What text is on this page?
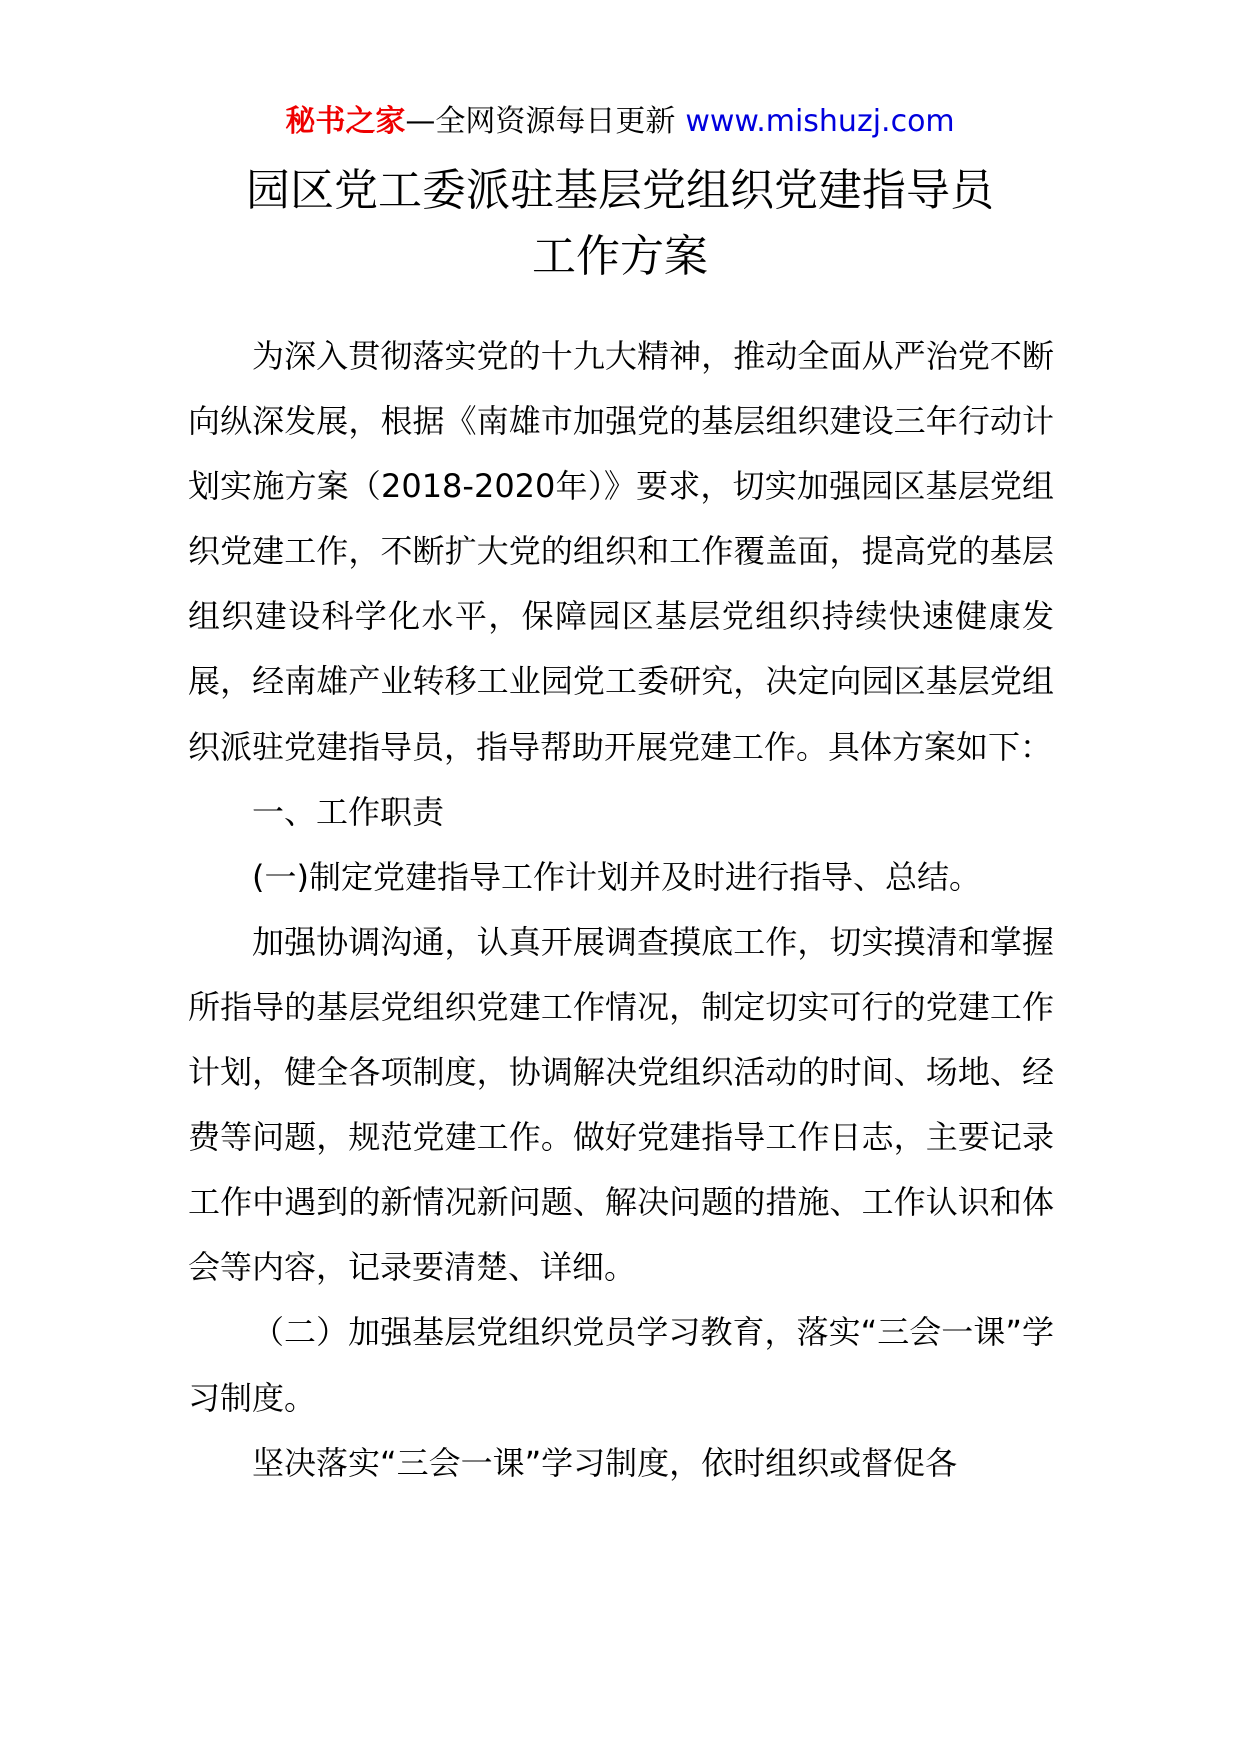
秘书之家—全网资源每日更新 www.mishuzj.com
园区党工委派驻基层党组织党建指导员
工作方案

为深入贯彻落实党的十九大精神，推动全面从严治党不断向纵深发展，根据《南雄市加强党的基层组织建设三年行动计划实施方案（2018-2020年）》要求，切实加强园区基层党组织党建工作，不断扩大党的组织和工作覆盖面，提高党的基层组织建设科学化水平，保障园区基层党组织持续快速健康发展，经南雄产业转移工业园党工委研究，决定向园区基层党组织派驻党建指导员，指导帮助开展党建工作。具体方案如下：

一、工作职责

(一)制定党建指导工作计划并及时进行指导、总结。

加强协调沟通，认真开展调查摸底工作，切实摸清和掌握所指导的基层党组织党建工作情况，制定切实可行的党建工作计划，健全各项制度，协调解决党组织活动的时间、场地、经费等问题，规范党建工作。做好党建指导工作日志，主要记录工作中遇到的新情况新问题、解决问题的措施、工作认识和体会等内容，记录要清楚、详细。

（二）加强基层党组织党员学习教育，落实“三会一课”学习制度。

坚决落实“三会一课”学习制度，依时组织或督促各
